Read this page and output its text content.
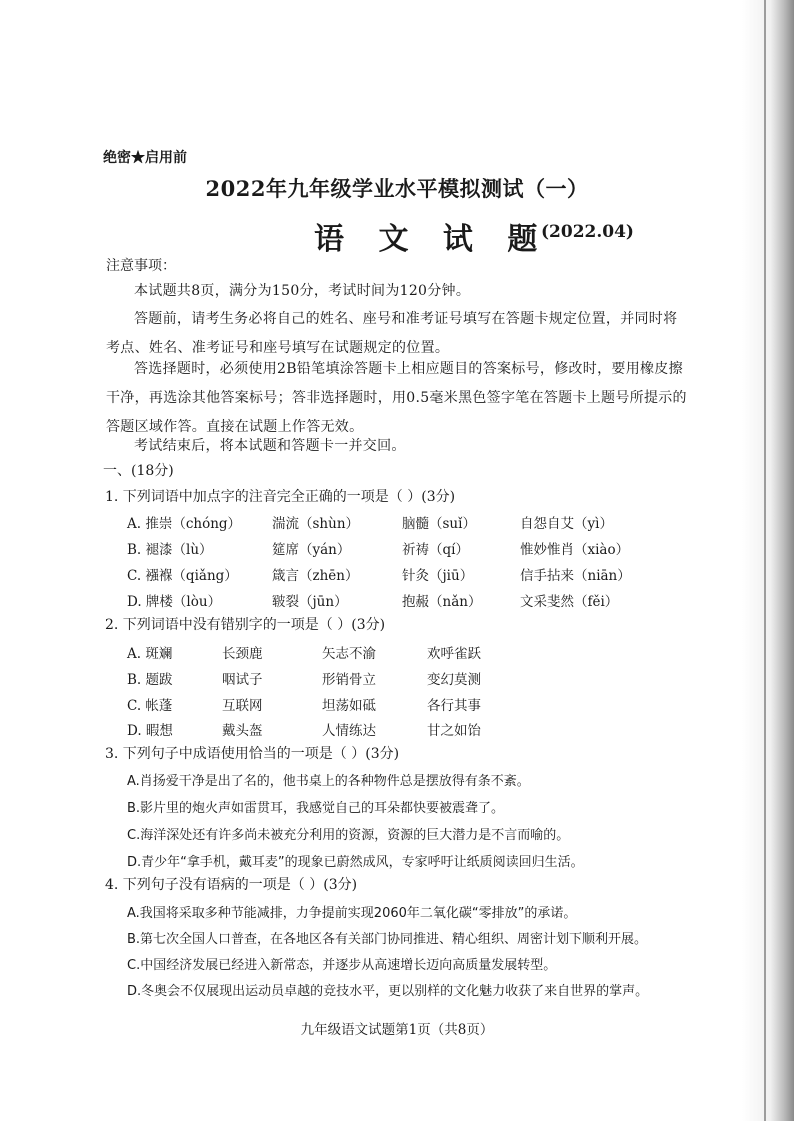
绝密★启用前
2022年九年级学业水平模拟测试（一）
语 文 试 题
(2022.04)
注意事项：
本试题共8页，满分为150分，考试时间为120分钟。
答题前，请考生务必将自己的姓名、座号和准考证号填写在答题卡规定位置，并同时将考点、姓名、准考证号和座号填写在试题规定的位置。
答选择题时，必须使用2B铅笔填涂答题卡上相应题目的答案标号，修改时，要用橡皮擦干净，再选涂其他答案标号；答非选择题时，用0.5毫米黑色签字笔在答题卡上题号所提示的答题区域作答。直接在试题上作答无效。
考试结束后，将本试题和答题卡一并交回。
一、(18分)
1. 下列词语中加点字的注音完全正确的一项是（ ）(3分)
A. 推崇（chóng） 湍流（shùn）	脑髓（suǐ）	自怨自艾（yì）
B. 褪漆（lù）	筵席（yán）	祈祷（qí）	惟妙惟肖（xiào）
C. 襁褓（qiǎng）	箴言（zhēn）	针灸（jiū）	信手拈来（niān）
D. 牌楼（lòu）	皲裂（jūn）	抱赧（nǎn）	文采斐然（fěi）
2. 下列词语中没有错别字的一项是（ ）(3分)
A. 斑斓	长颈鹿	矢志不渝	欢呼雀跃
B. 题跋	咽试子	形销骨立	变幻莫测
C. 帐蓬	互联网	坦荡如砥	各行其事
D. 暇想	戴头盔	人情练达	甘之如饴
3. 下列句子中成语使用恰当的一项是（ ）(3分)
A.肖扬爱干净是出了名的，他书桌上的各种物件总是摆放得有条不紊。
B.影片里的炮火声如雷贯耳，我感觉自己的耳朵都快要被震聋了。
C.海洋深处还有许多尚未被充分利用的资源，资源的巨大潜力是不言而喻的。
D.青少年“拿手机，戴耳麦”的现象已蔚然成风，专家呼吁让纸质阅读回归生活。
4. 下列句子没有语病的一项是（ ）(3分)
A.我国将采取多种节能减排，力争提前实现2060年二氧化碳“零排放”的承诺。
B.第七次全国人口普查，在各地区各有关部门协同推进、精心组织、周密计划下顺利开展。
C.中国经济发展已经进入新常态，并逐步从高速增长迈向高质量发展转型。
D.冬奥会不仅展现出运动员卓越的竞技水平，更以别样的文化魅力收获了来自世界的掌声。
九年级语文试题第1页（共8页）
